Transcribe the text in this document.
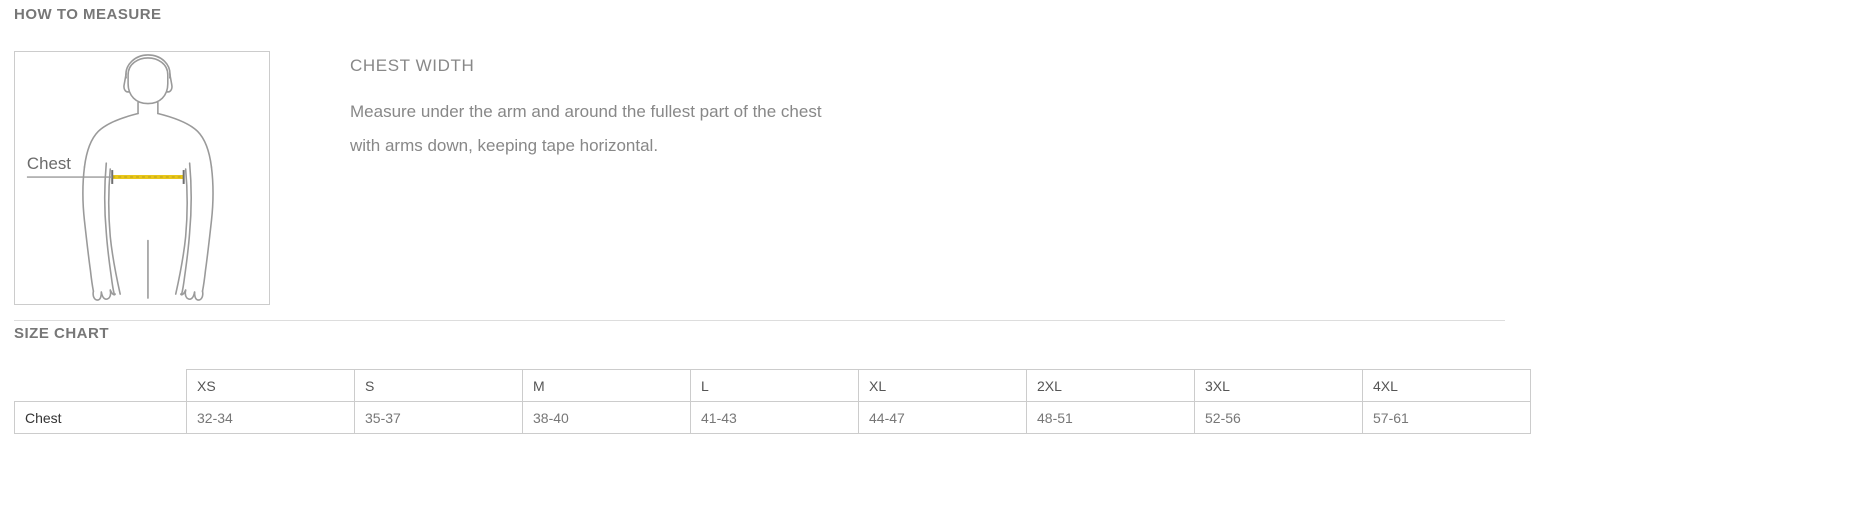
HOW TO MEASURE
Chest
CHEST WIDTH

Measure under the arm and around the fullest part of the chest

with arms down, keeping tape horizontal.

SIZE CHART
	XS	S	M	L	XL	2XL	3XL	4XL
Chest	32-34	35-37	38-40	41-43	44-47	48-51	52-56	57-61
